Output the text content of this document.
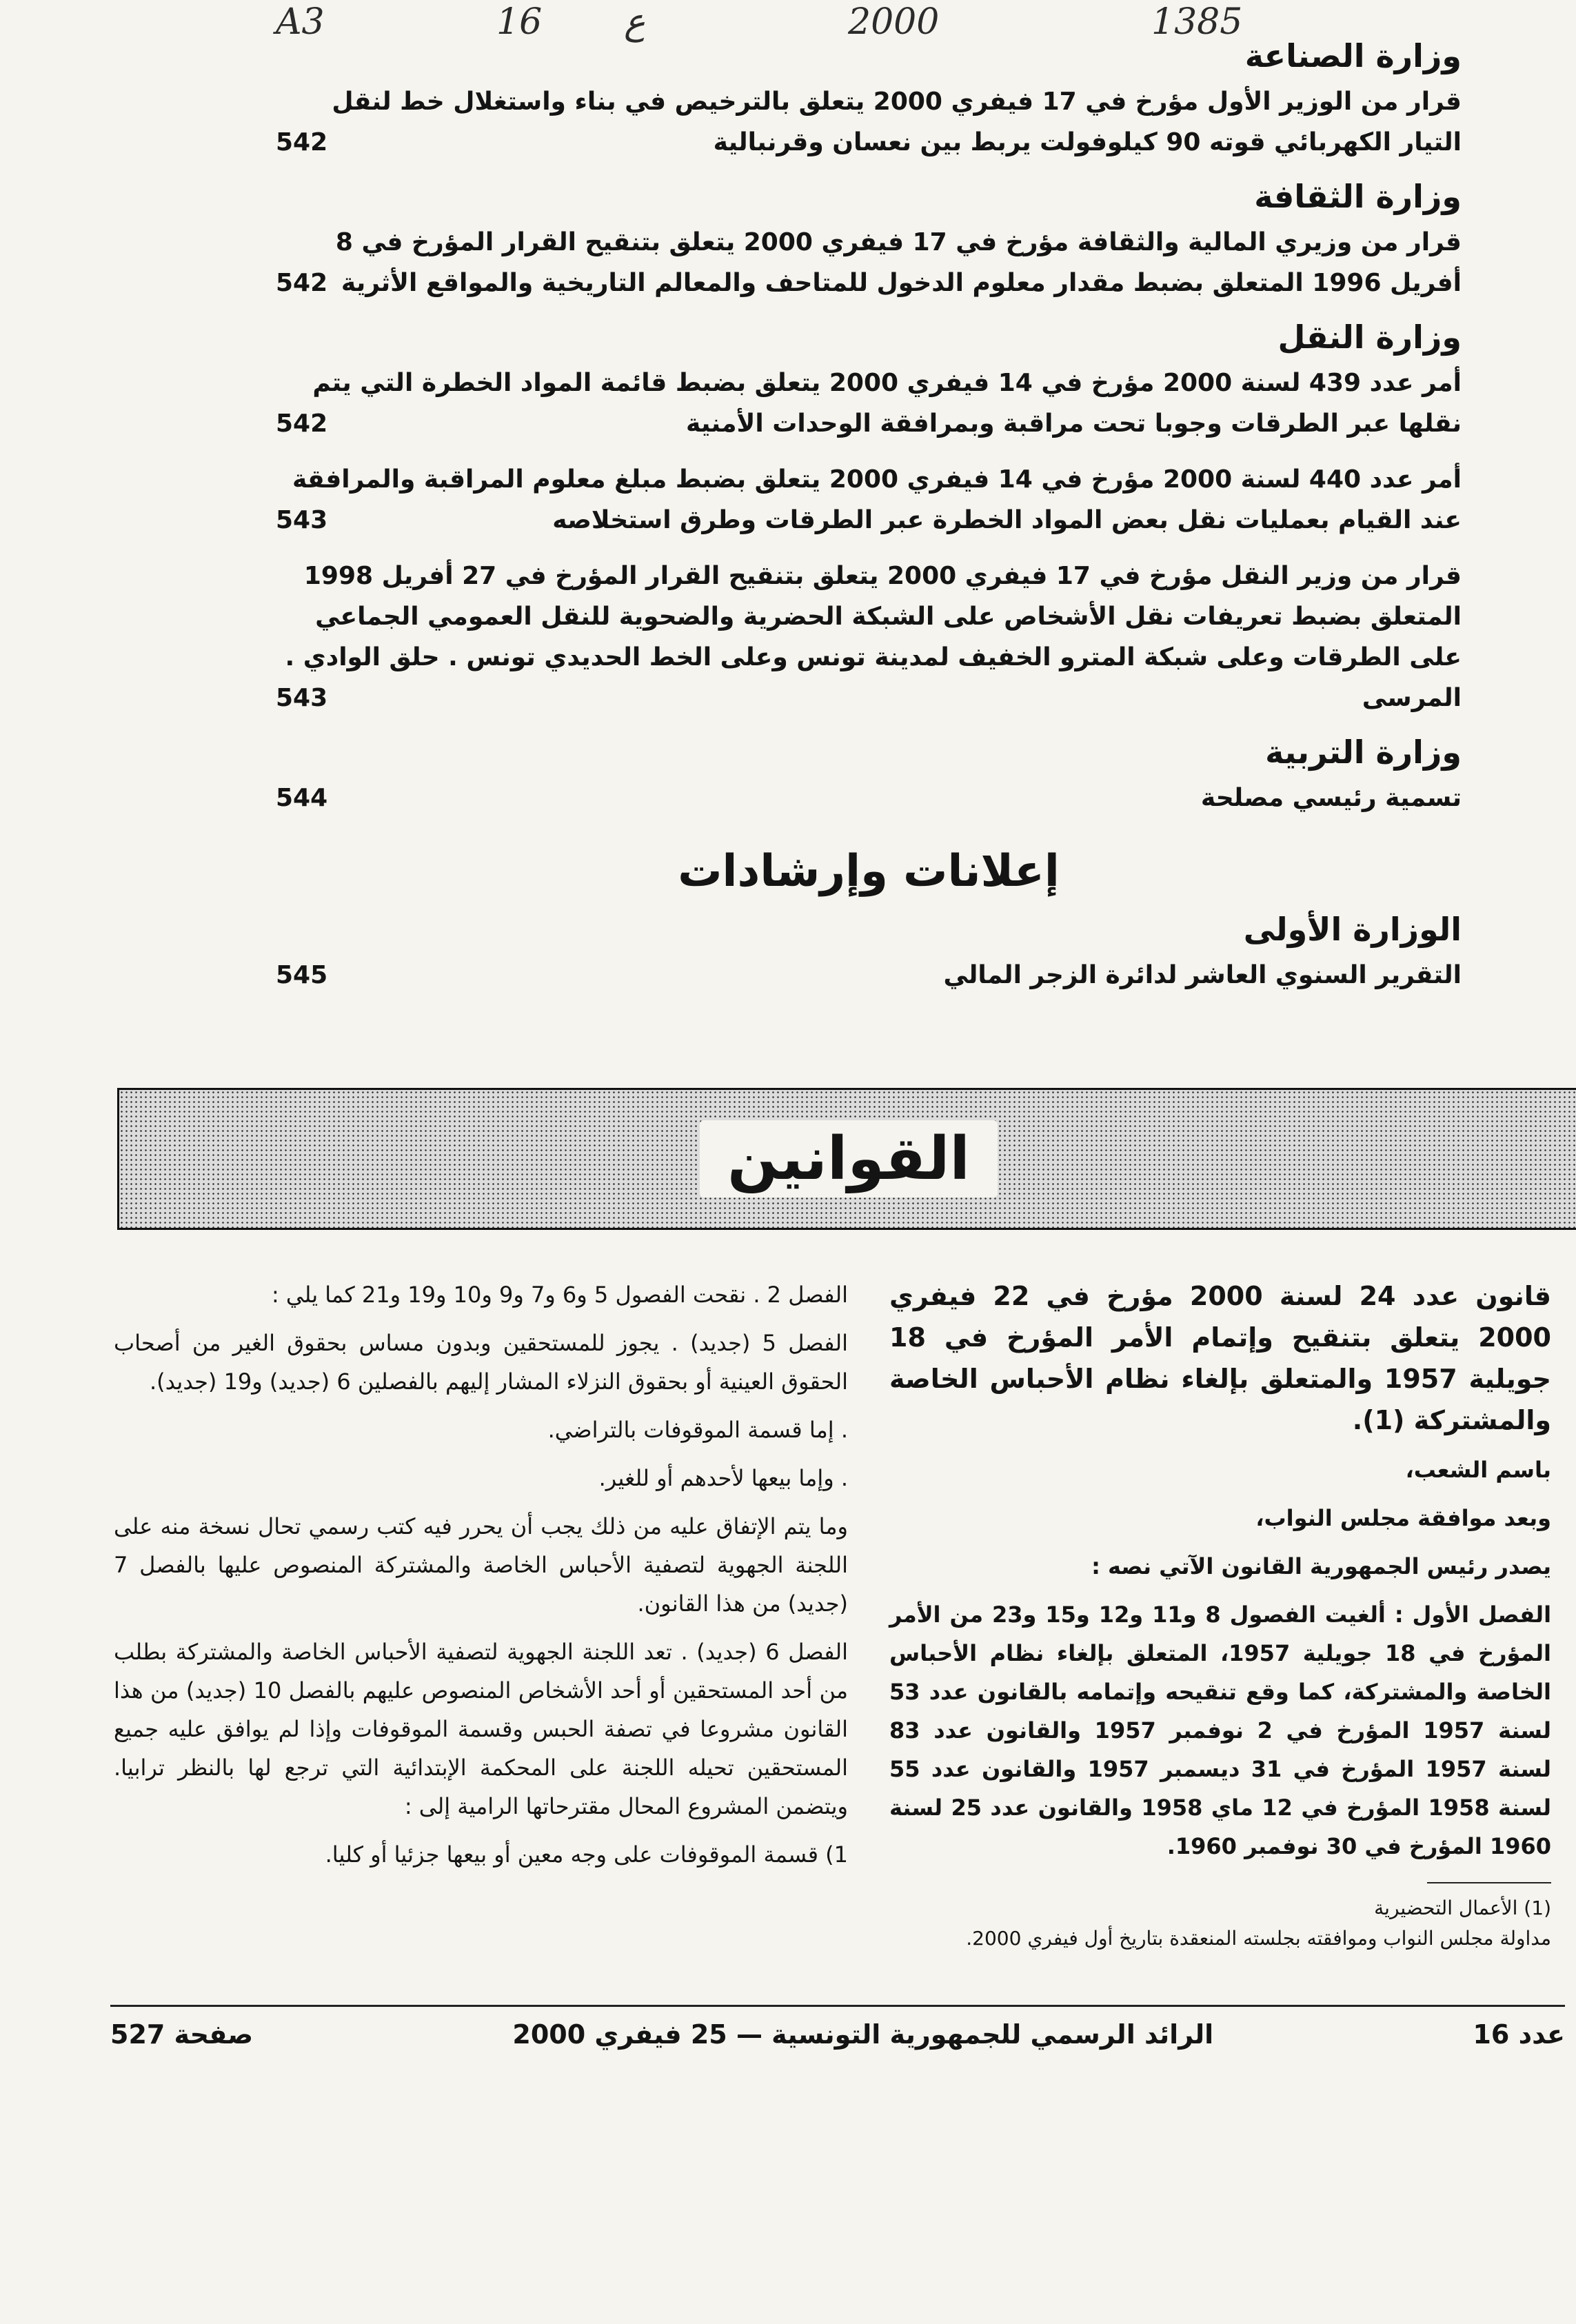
A3	16 ع	2000	1385
وزارة الصناعة
قرار من الوزير الأول مؤرخ في 17 فيفري 2000 يتعلق بالترخيص في بناء واستغلال خط لنقل التيار الكهربائي قوته 90 كيلوفولت يربط بين نعسان وقرنبالية
542
وزارة الثقافة
قرار من وزيري المالية والثقافة مؤرخ في 17 فيفري 2000 يتعلق بتنقيح القرار المؤرخ في 8 أفريل 1996 المتعلق بضبط مقدار معلوم الدخول للمتاحف والمعالم التاريخية والمواقع الأثرية
542
وزارة النقل
أمر عدد 439 لسنة 2000 مؤرخ في 14 فيفري 2000 يتعلق بضبط قائمة المواد الخطرة التي يتم نقلها عبر الطرقات وجوبا تحت مراقبة وبمرافقة الوحدات الأمنية
542
أمر عدد 440 لسنة 2000 مؤرخ في 14 فيفري 2000 يتعلق بضبط مبلغ معلوم المراقبة والمرافقة عند القيام بعمليات نقل بعض المواد الخطرة عبر الطرقات وطرق استخلاصه
543
قرار من وزير النقل مؤرخ في 17 فيفري 2000 يتعلق بتنقيح القرار المؤرخ في 27 أفريل 1998 المتعلق بضبط تعريفات نقل الأشخاص على الشبكة الحضرية والضحوية للنقل العمومي الجماعي على الطرقات وعلى شبكة المترو الخفيف لمدينة تونس وعلى الخط الحديدي تونس . حلق الوادي . المرسى
543
وزارة التربية
تسمية رئيسي مصلحة
544
إعلانات وإرشادات
الوزارة الأولى
التقرير السنوي العاشر لدائرة الزجر المالي
545
القوانين

قانون عدد 24 لسنة 2000 مؤرخ في 22 فيفري 2000 يتعلق بتنقيح وإتمام الأمر المؤرخ في 18 جويلية 1957 والمتعلق بإلغاء نظام الأحباس الخاصة والمشتركة (1).

باسم الشعب،

وبعد موافقة مجلس النواب،

يصدر رئيس الجمهورية القانون الآتي نصه :

الفصل الأول : ألغيت الفصول 8 و11 و12 و15 و23 من الأمر المؤرخ في 18 جويلية 1957، المتعلق بإلغاء نظام الأحباس الخاصة والمشتركة، كما وقع تنقيحه وإتمامه بالقانون عدد 53 لسنة 1957 المؤرخ في 2 نوفمبر 1957 والقانون عدد 83 لسنة 1957 المؤرخ في 31 ديسمبر 1957 والقانون عدد 55 لسنة 1958 المؤرخ في 12 ماي 1958 والقانون عدد 25 لسنة 1960 المؤرخ في 30 نوفمبر 1960.

(1) الأعمال التحضيرية
مداولة مجلس النواب وموافقته بجلسته المنعقدة بتاريخ أول فيفري 2000.

الفصل 2 . نقحت الفصول 5 و6 و7 و9 و10 و19 و21 كما يلي :

الفصل 5 (جديد) . يجوز للمستحقين وبدون مساس بحقوق الغير من أصحاب الحقوق العينية أو بحقوق النزلاء المشار إليهم بالفصلين 6 (جديد) و19 (جديد).

. إما قسمة الموقوفات بالتراضي.

. وإما بيعها لأحدهم أو للغير.

وما يتم الإتفاق عليه من ذلك يجب أن يحرر فيه كتب رسمي تحال نسخة منه على اللجنة الجهوية لتصفية الأحباس الخاصة والمشتركة المنصوص عليها بالفصل 7 (جديد) من هذا القانون.

الفصل 6 (جديد) . تعد اللجنة الجهوية لتصفية الأحباس الخاصة والمشتركة بطلب من أحد المستحقين أو أحد الأشخاص المنصوص عليهم بالفصل 10 (جديد) من هذا القانون مشروعا في تصفة الحبس وقسمة الموقوفات وإذا لم يوافق عليه جميع المستحقين تحيله اللجنة على المحكمة الإبتدائية التي ترجع لها بالنظر ترابيا. ويتضمن المشروع المحال مقترحاتها الرامية إلى :

1) قسمة الموقوفات على وجه معين أو بيعها جزئيا أو كليا.

عدد 16
الرائد الرسمي للجمهورية التونسية — 25 فيفري 2000
صفحة 527
